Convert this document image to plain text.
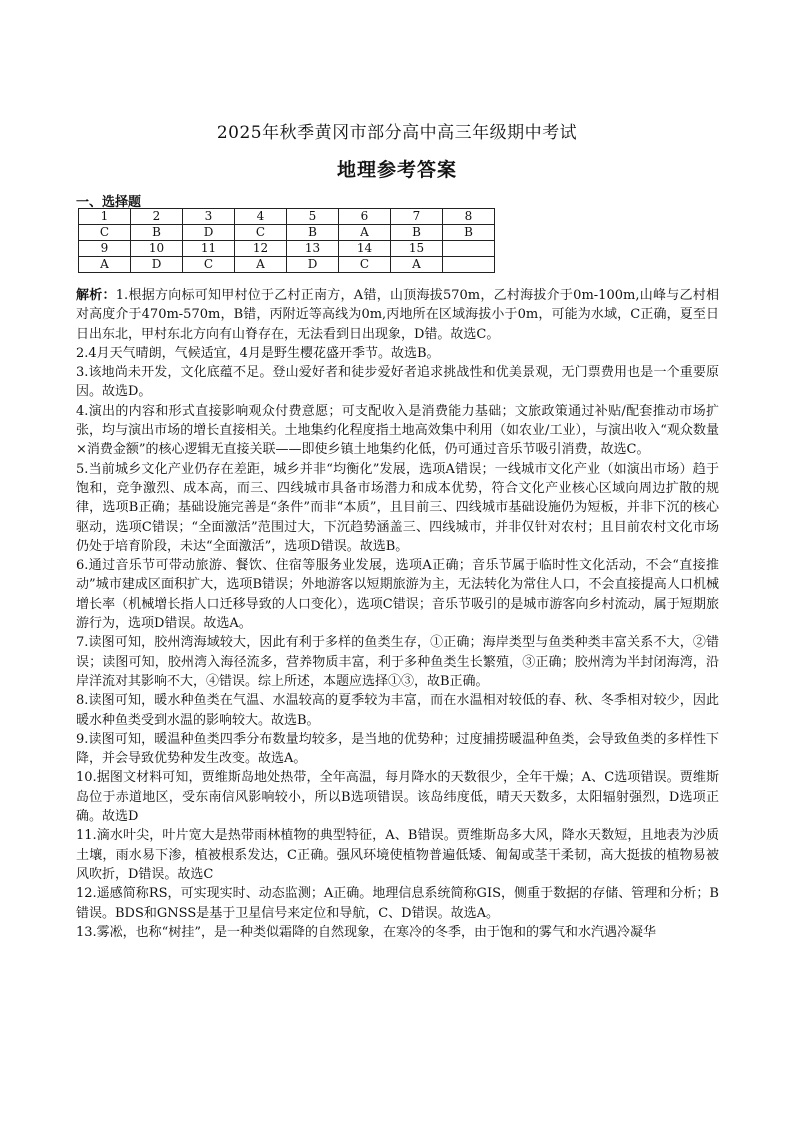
2025年秋季黄冈市部分高中高三年级期中考试
地理参考答案
一、选择题
1	2	3	4	5	6	7	8
C	B	D	C	B	A	B	B
9	10	11	12	13	14	15	
A	D	C	A	D	C	A	

解析：1.根据方向标可知甲村位于乙村正南方，A错，山顶海拔570m，乙村海拔介于0m-100m,山峰与乙村相对高度介于470m-570m，B错，丙附近等高线为0m,丙地所在区域海拔小于0m，可能为水域，C正确，夏至日日出东北，甲村东北方向有山脊存在，无法看到日出现象，D错。故选C。

2.4月天气晴朗，气候适宜，4月是野生樱花盛开季节。故选B。

3.该地尚未开发，文化底蕴不足。登山爱好者和徒步爱好者追求挑战性和优美景观，无门票费用也是一个重要原因。故选D。

4.演出的内容和形式直接影响观众付费意愿；可支配收入是消费能力基础；文旅政策通过补贴/配套推动市场扩张，均与演出市场的增长直接相关。土地集约化程度指土地高效集中利用（如农业/工业），与演出收入“观众数量×消费金额”的核心逻辑无直接关联——即使乡镇土地集约化低，仍可通过音乐节吸引消费，故选C。

5.当前城乡文化产业仍存在差距，城乡并非“均衡化”发展，选项A错误；一线城市文化产业（如演出市场）趋于饱和，竞争激烈、成本高，而三、四线城市具备市场潜力和成本优势，符合文化产业核心区域向周边扩散的规律，选项B正确；基础设施完善是“条件”而非“本质”，且目前三、四线城市基础设施仍为短板，并非下沉的核心驱动，选项C错误；“全面激活”范围过大，下沉趋势涵盖三、四线城市，并非仅针对农村；且目前农村文化市场仍处于培育阶段，未达“全面激活”，选项D错误。故选B。

6.通过音乐节可带动旅游、餐饮、住宿等服务业发展，选项A正确；音乐节属于临时性文化活动，不会“直接推动”城市建成区面积扩大，选项B错误；外地游客以短期旅游为主，无法转化为常住人口，不会直接提高人口机械增长率（机械增长指人口迁移导致的人口变化），选项C错误；音乐节吸引的是城市游客向乡村流动，属于短期旅游行为，选项D错误。故选A。

7.读图可知，胶州湾海域较大，因此有利于多样的鱼类生存，①正确；海岸类型与鱼类种类丰富关系不大，②错误；读图可知，胶州湾入海径流多，营养物质丰富，利于多种鱼类生长繁殖，③正确；胶州湾为半封闭海湾，沿岸洋流对其影响不大，④错误。综上所述，本题应选择①③，故B正确。

8.读图可知，暖水种鱼类在气温、水温较高的夏季较为丰富，而在水温相对较低的春、秋、冬季相对较少，因此暖水种鱼类受到水温的影响较大。故选B。

9.读图可知，暖温种鱼类四季分布数量均较多，是当地的优势种；过度捕捞暖温种鱼类，会导致鱼类的多样性下降，并会导致优势种发生改变。故选A。

10.据图文材料可知，贾维斯岛地处热带，全年高温，每月降水的天数很少，全年干燥；A、C选项错误。贾维斯岛位于赤道地区，受东南信风影响较小，所以B选项错误。该岛纬度低，晴天天数多，太阳辐射强烈，D选项正确。故选D

11.滴水叶尖，叶片宽大是热带雨林植物的典型特征，A、B错误。贾维斯岛多大风，降水天数短，且地表为沙质土壤，雨水易下渗，植被根系发达，C正确。强风环境使植物普遍低矮、匍匐或茎干柔韧，高大挺拔的植物易被风吹折，D错误。故选C

12.遥感简称RS，可实现实时、动态监测；A正确。地理信息系统简称GIS，侧重于数据的存储、管理和分析；B错误。BDS和GNSS是基于卫星信号来定位和导航，C、D错误。故选A。

13.雾凇，也称“树挂”，是一种类似霜降的自然现象，在寒冷的冬季，由于饱和的雾气和水汽遇冷凝华
